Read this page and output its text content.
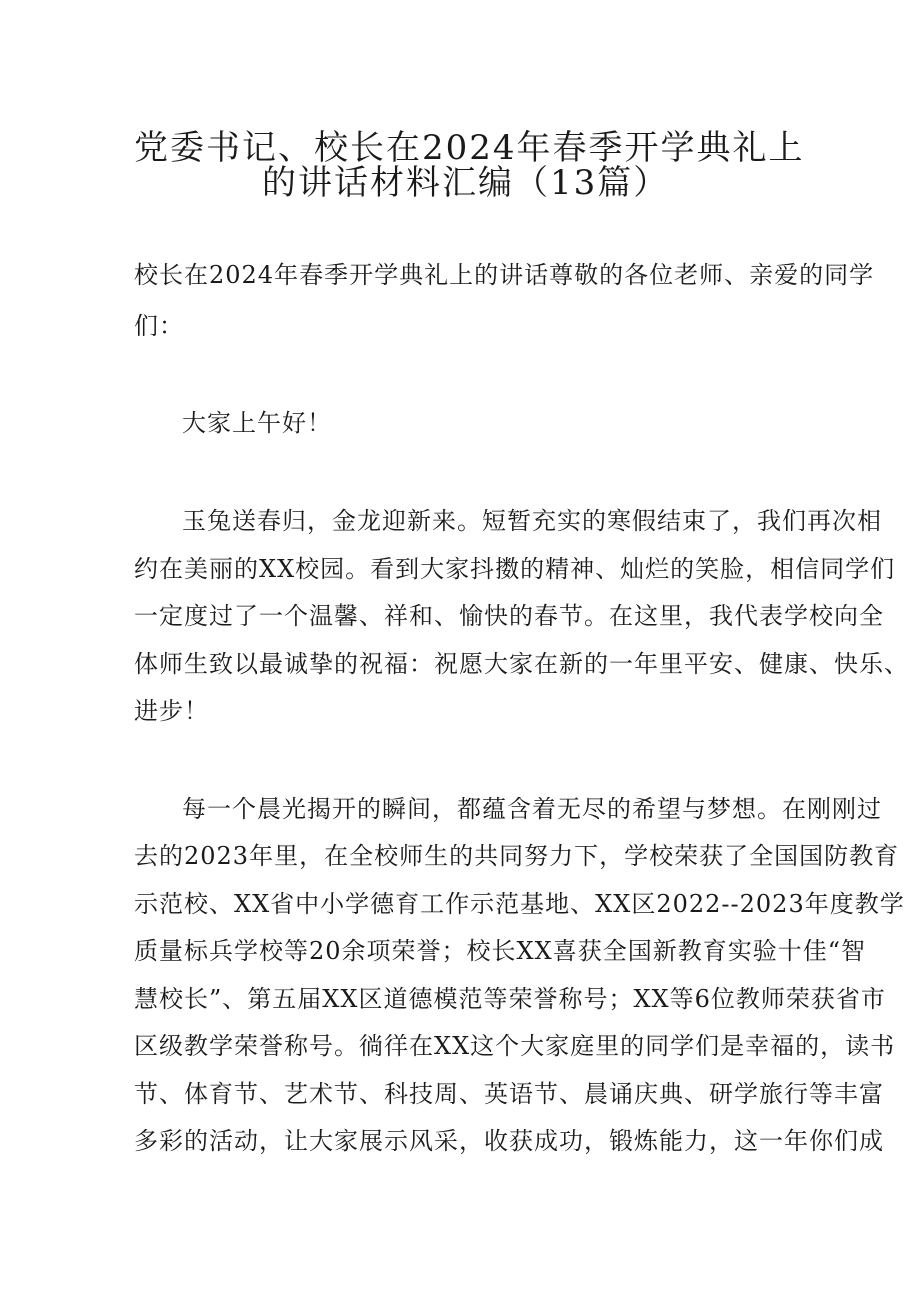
党委书记、校长在2024年春季开学典礼上
的讲话材料汇编（13篇）
校长在2024年春季开学典礼上的讲话尊敬的各位老师、亲爱的同学
们：
大家上午好！
玉兔送春归，金龙迎新来。短暂充实的寒假结束了，我们再次相
约在美丽的XX校园。看到大家抖擞的精神、灿烂的笑脸，相信同学们
一定度过了一个温馨、祥和、愉快的春节。在这里，我代表学校向全
体师生致以最诚挚的祝福：祝愿大家在新的一年里平安、健康、快乐、
进步！
每一个晨光揭开的瞬间，都蕴含着无尽的希望与梦想。在刚刚过
去的2023年里，在全校师生的共同努力下，学校荣获了全国国防教育
示范校、XX省中小学德育工作示范基地、XX区2022--2023年度教学
质量标兵学校等20余项荣誉；校长XX喜获全国新教育实验十佳“智
慧校长”、第五届XX区道德模范等荣誉称号；XX等6位教师荣获省市
区级教学荣誉称号。徜徉在XX这个大家庭里的同学们是幸福的，读书
节、体育节、艺术节、科技周、英语节、晨诵庆典、研学旅行等丰富
多彩的活动，让大家展示风采，收获成功，锻炼能力，这一年你们成
